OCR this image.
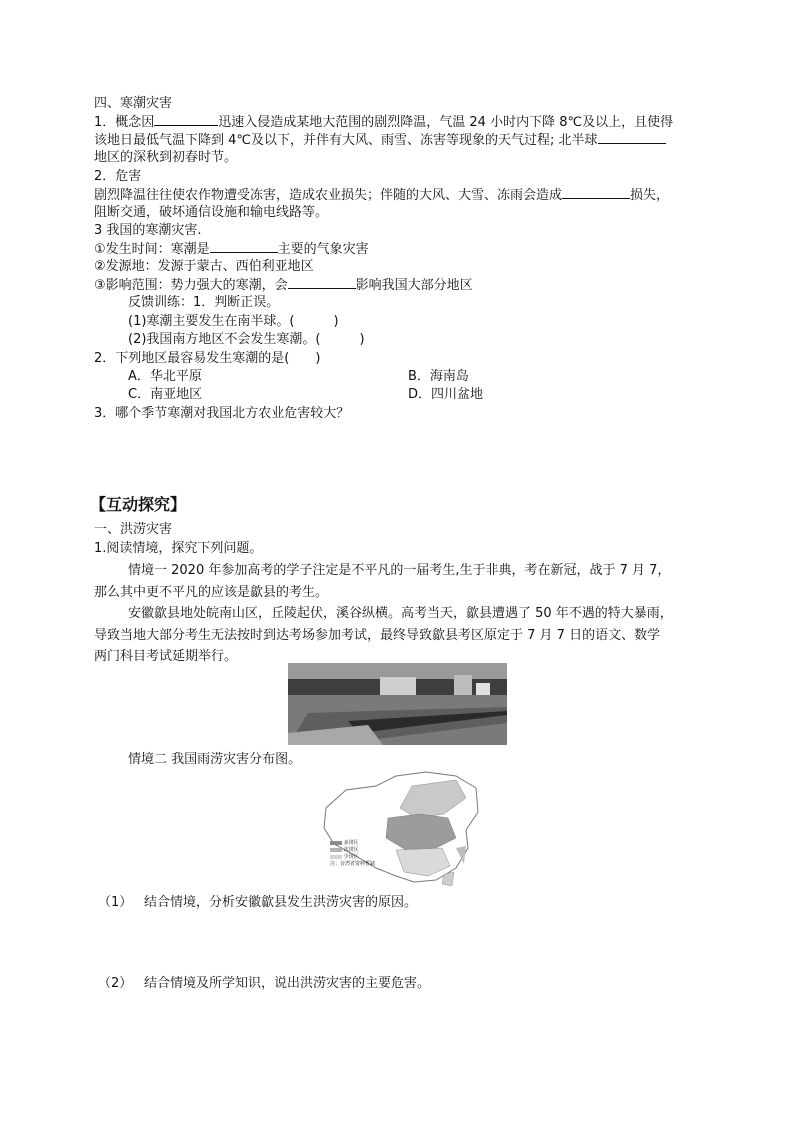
四、寒潮灾害
1．概念因	迅速入侵造成某地大范围的剧烈降温，气温 24 小时内下降 8℃及以上，且使得
该地日最低气温下降到 4℃及以下，并伴有大风、雨雪、冻害等现象的天气过程; 北半球
地区的深秋到初春时节。
2．危害
剧烈降温往往使农作物遭受冻害，造成农业损失；伴随的大风、大雪、冻雨会造成	损失，
阻断交通，破坏通信设施和输电线路等。
3 我国的寒潮灾害.
①发生时间：寒潮是	主要的气象灾害
②发源地：发源于蒙古、西伯利亚地区
③影响范围：势力强大的寒潮，会	影响我国大部分地区
反馈训练：1．判断正误。
(1)寒潮主要发生在南半球。(　　　)
(2)我国南方地区不会发生寒潮。(　　　)
2．下列地区最容易发生寒潮的是(　　)
A．华北平原	B．海南岛
C．南亚地区	D．四川盆地
3．哪个季节寒潮对我国北方农业危害较大？
【互动探究】
一、洪涝灾害
1.阅读情境，探究下列问题。
情境一 2020 年参加高考的学子注定是不平凡的一届考生,生于非典，考在新冠，战于 7 月 7，
那么其中更不平凡的应该是歙县的考生。
安徽歙县地处皖南山区，丘陵起伏，溪谷纵横。高考当天，歙县遭遇了 50 年不遇的特大暴雨，
导致当地大部分考生无法按时到达考场参加考试，最终导致歙县考区原定于 7 月 7 日的语文、数学
两门科目考试延期举行。
情境二 我国雨涝灾害分布图。
多涝区
次涝区
少涝区
注：台湾省资料暂缺
（1） 结合情境，分析安徽歙县发生洪涝灾害的原因。
（2） 结合情境及所学知识，说出洪涝灾害的主要危害。
